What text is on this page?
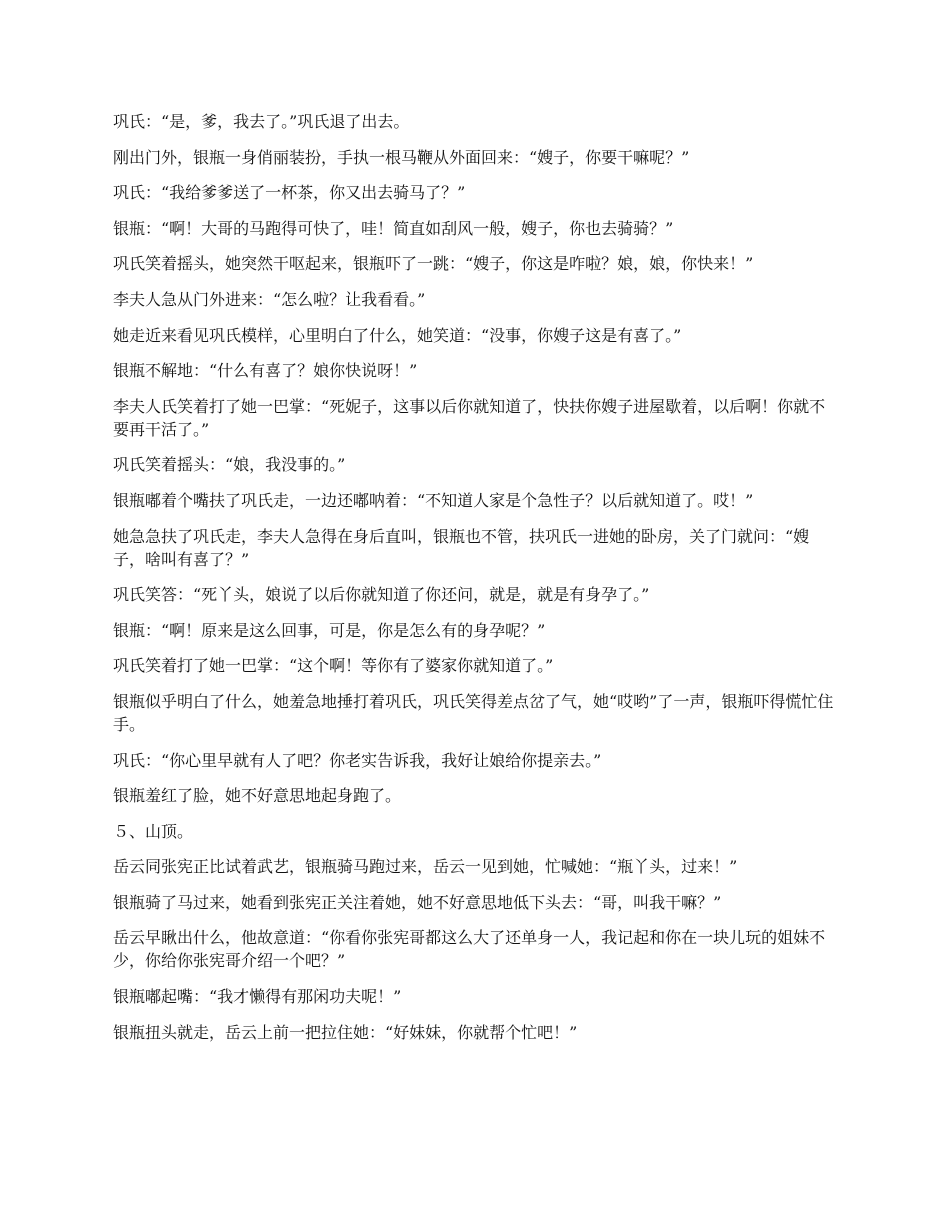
巩氏：“是，爹，我去了。”巩氏退了出去。

刚出门外，银瓶一身俏丽装扮，手执一根马鞭从外面回来：“嫂子，你要干嘛呢？”

巩氏：“我给爹爹送了一杯茶，你又出去骑马了？”

银瓶：“啊！大哥的马跑得可快了，哇！简直如刮风一般，嫂子，你也去骑骑？”

巩氏笑着摇头，她突然干呕起来，银瓶吓了一跳：“嫂子，你这是咋啦？娘，娘，你快来！”

李夫人急从门外进来：“怎么啦？让我看看。”

她走近来看见巩氏模样，心里明白了什么，她笑道：“没事，你嫂子这是有喜了。”

银瓶不解地：“什么有喜了？娘你快说呀！”

李夫人氏笑着打了她一巴掌：“死妮子，这事以后你就知道了，快扶你嫂子进屋歇着，以后啊！你就不要再干活了。”

巩氏笑着摇头：“娘，我没事的。”

银瓶嘟着个嘴扶了巩氏走，一边还嘟呐着：“不知道人家是个急性子？以后就知道了。哎！”

她急急扶了巩氏走，李夫人急得在身后直叫，银瓶也不管，扶巩氏一进她的卧房，关了门就问：“嫂子，啥叫有喜了？”

巩氏笑答：“死丫头，娘说了以后你就知道了你还问，就是，就是有身孕了。”

银瓶：“啊！原来是这么回事，可是，你是怎么有的身孕呢？”

巩氏笑着打了她一巴掌：“这个啊！等你有了婆家你就知道了。”

银瓶似乎明白了什么，她羞急地捶打着巩氏，巩氏笑得差点岔了气，她“哎哟”了一声，银瓶吓得慌忙住手。

巩氏：“你心里早就有人了吧？你老实告诉我，我好让娘给你提亲去。”

银瓶羞红了脸，她不好意思地起身跑了。

５、山顶。

岳云同张宪正比试着武艺，银瓶骑马跑过来，岳云一见到她，忙喊她：“瓶丫头，过来！”

银瓶骑了马过来，她看到张宪正关注着她，她不好意思地低下头去：“哥，叫我干嘛？”

岳云早瞅出什么，他故意道：“你看你张宪哥都这么大了还单身一人，我记起和你在一块儿玩的姐妹不少，你给你张宪哥介绍一个吧？”

银瓶嘟起嘴：“我才懒得有那闲功夫呢！”

银瓶扭头就走，岳云上前一把拉住她：“好妹妹，你就帮个忙吧！”
